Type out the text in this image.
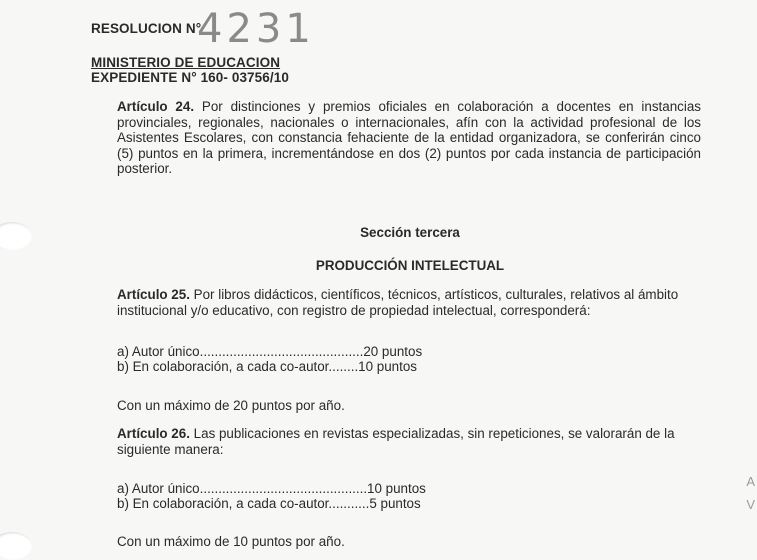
RESOLUCION N°
4231
MINISTERIO DE EDUCACION
EXPEDIENTE N° 160- 03756/10
Artículo 24. Por distinciones y premios oficiales en colaboración a docentes en instancias provinciales, regionales, nacionales o internacionales, afín con la actividad profesional de los Asistentes Escolares, con constancia fehaciente de la entidad organizadora, se conferirán cinco (5) puntos en la primera, incrementándose en dos (2) puntos por cada instancia de participación posterior.
Sección tercera
PRODUCCIÓN INTELECTUAL
Artículo 25. Por libros didácticos, científicos, técnicos, artísticos, culturales, relativos al ámbito institucional y/o educativo, con registro de propiedad intelectual, corresponderá:
a) Autor único............................................20 puntos
b) En colaboración, a cada co-autor........10 puntos
Con un máximo de 20 puntos por año.
Artículo 26. Las publicaciones en revistas especializadas, sin repeticiones, se valorarán de la siguiente manera:
a) Autor único.............................................10 puntos
b) En colaboración, a cada co-autor...........5 puntos
Con un máximo de 10 puntos por año.
A
V
